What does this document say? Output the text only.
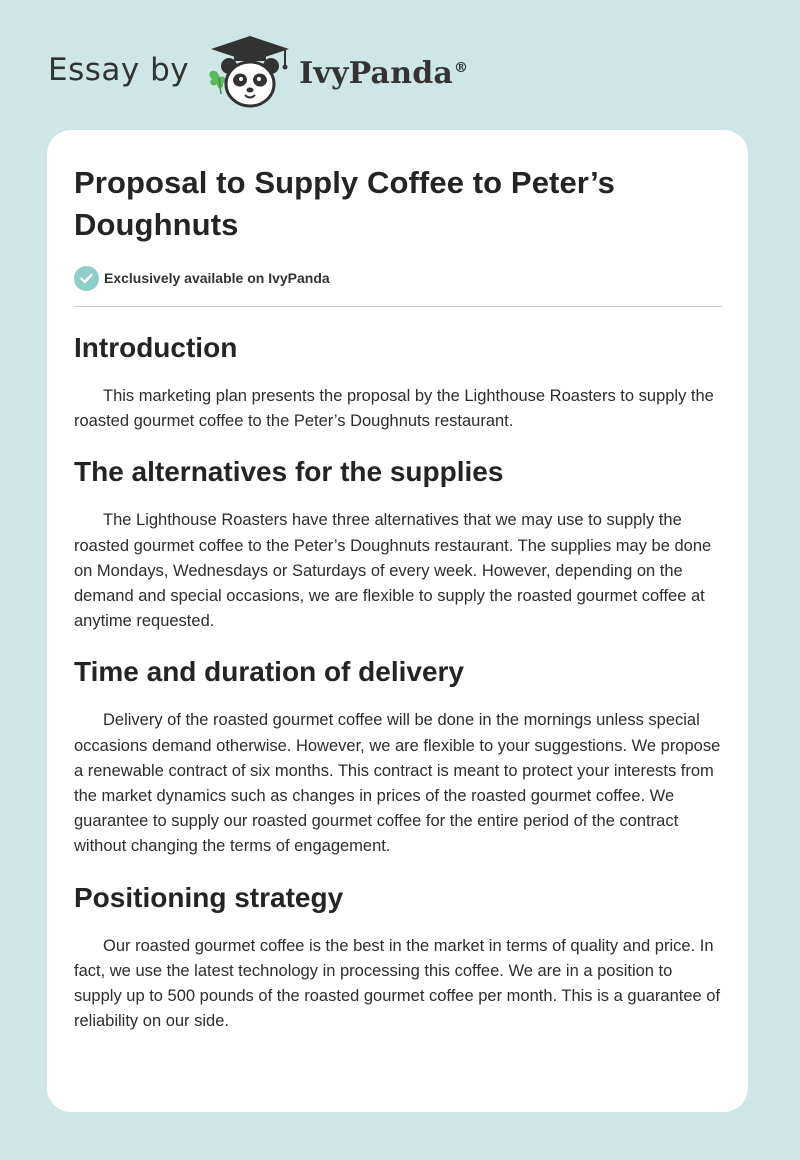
Essay by	IvyPanda®
Proposal to Supply Coffee to Peter’s Doughnuts
Exclusively available on IvyPanda
Introduction

This marketing plan presents the proposal by the Lighthouse Roasters to supply the roasted gourmet coffee to the Peter’s Doughnuts restaurant.

The alternatives for the supplies

The Lighthouse Roasters have three alternatives that we may use to supply the roasted gourmet coffee to the Peter’s Doughnuts restaurant. The supplies may be done on Mondays, Wednesdays or Saturdays of every week. However, depending on the demand and special occasions, we are flexible to supply the roasted gourmet coffee at anytime requested.

Time and duration of delivery

Delivery of the roasted gourmet coffee will be done in the mornings unless special occasions demand otherwise. However, we are flexible to your suggestions. We propose a renewable contract of six months. This contract is meant to protect your interests from the market dynamics such as changes in prices of the roasted gourmet coffee. We guarantee to supply our roasted gourmet coffee for the entire period of the contract without changing the terms of engagement.

Positioning strategy

Our roasted gourmet coffee is the best in the market in terms of quality and price. In fact, we use the latest technology in processing this coffee. We are in a position to supply up to 500 pounds of the roasted gourmet coffee per month. This is a guarantee of reliability on our side.
